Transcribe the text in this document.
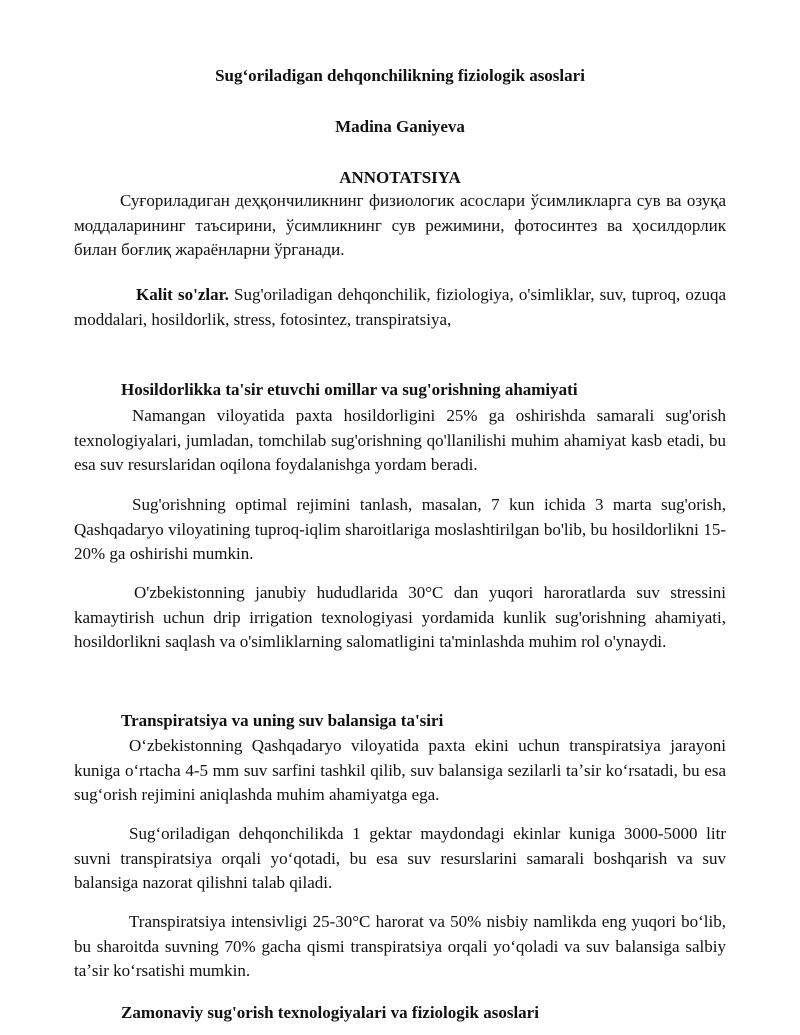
Sugʻoriladigan dehqonchilikning fiziologik asoslari
Madina Ganiyeva
ANNOTATSIYA
Суғориладиган деҳқончиликнинг физиологик асослари ўсимликларга сув ва озуқа моддаларининг таъсирини, ўсимликнинг сув режимини, фотосинтез ва ҳосилдорлик билан боғлиқ жараёнларни ўрганади.
Kalit so'zlar. Sug'oriladigan dehqonchilik, fiziologiya, o'simliklar, suv, tuproq, ozuqa moddalari, hosildorlik, stress, fotosintez, transpiratsiya,
Hosildorlikka ta'sir etuvchi omillar va sug'orishning ahamiyati
Namangan viloyatida paxta hosildorligini 25% ga oshirishda samarali sug'orish texnologiyalari, jumladan, tomchilab sug'orishning qo'llanilishi muhim ahamiyat kasb etadi, bu esa suv resurslaridan oqilona foydalanishga yordam beradi.
Sug'orishning optimal rejimini tanlash, masalan, 7 kun ichida 3 marta sug'orish, Qashqadaryo viloyatining tuproq-iqlim sharoitlariga moslashtirilgan bo'lib, bu hosildorlikni 15-20% ga oshirishi mumkin.
O'zbekistonning janubiy hududlarida 30°C dan yuqori haroratlarda suv stressini kamaytirish uchun drip irrigation texnologiyasi yordamida kunlik sug'orishning ahamiyati, hosildorlikni saqlash va o'simliklarning salomatligini ta'minlashda muhim rol o'ynaydi.
Transpiratsiya va uning suv balansiga ta'siri
Oʻzbekistonning Qashqadaryo viloyatida paxta ekini uchun transpiratsiya jarayoni kuniga oʻrtacha 4-5 mm suv sarfini tashkil qilib, suv balansiga sezilarli taʼsir koʻrsatadi, bu esa sugʻorish rejimini aniqlashda muhim ahamiyatga ega.
Sugʻoriladigan dehqonchilikda 1 gektar maydondagi ekinlar kuniga 3000-5000 litr suvni transpiratsiya orqali yoʻqotadi, bu esa suv resurslarini samarali boshqarish va suv balansiga nazorat qilishni talab qiladi.
Transpiratsiya intensivligi 25-30°C harorat va 50% nisbiy namlikda eng yuqori boʻlib, bu sharoitda suvning 70% gacha qismi transpiratsiya orqali yoʻqoladi va suv balansiga salbiy taʼsir koʻrsatishi mumkin.
Zamonaviy sug'orish texnologiyalari va fiziologik asoslari
